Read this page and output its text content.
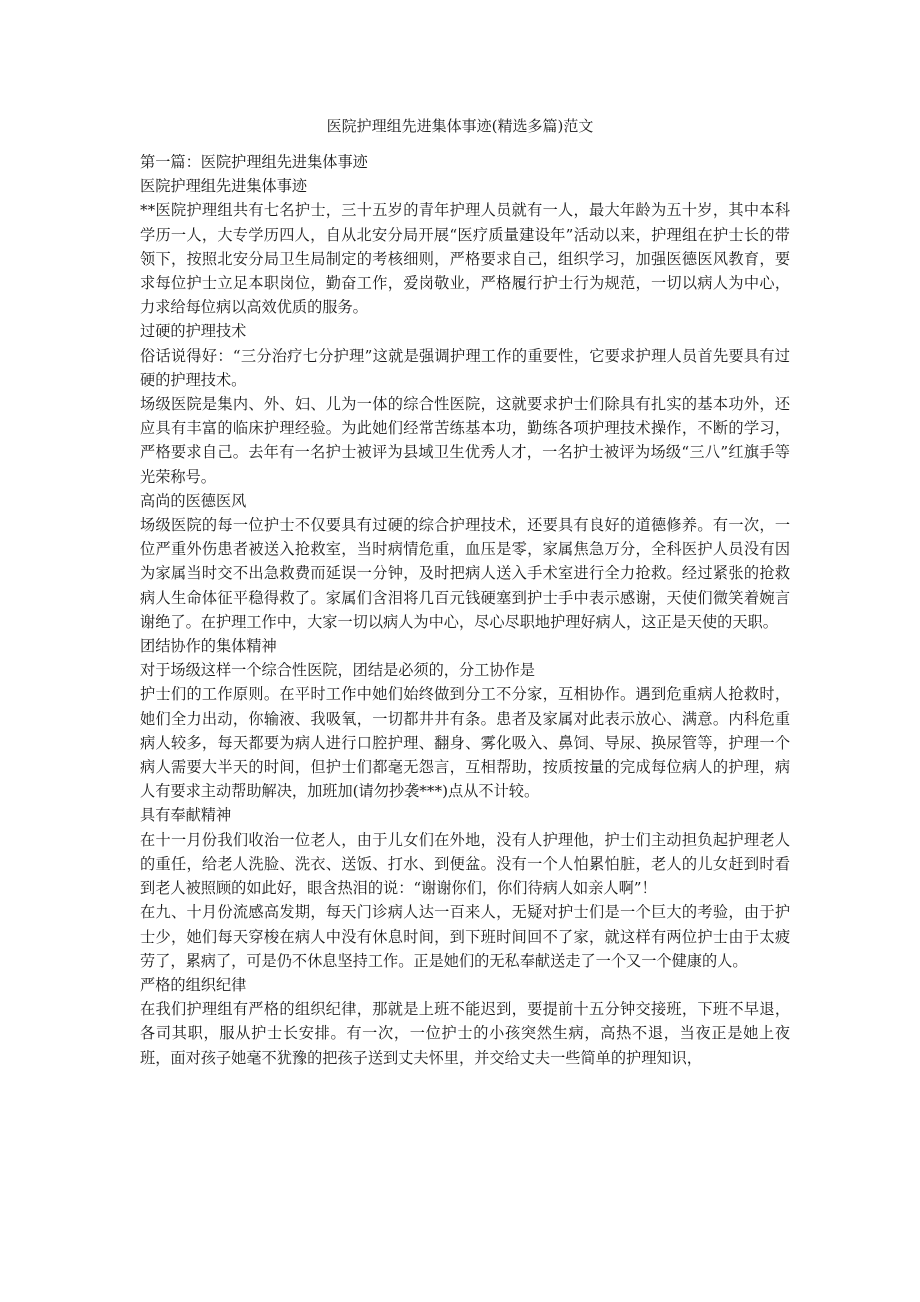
医院护理组先进集体事迹(精选多篇)范文

第一篇：医院护理组先进集体事迹

医院护理组先进集体事迹

**医院护理组共有七名护士，三十五岁的青年护理人员就有一人，最大年龄为五十岁，其中本科学历一人，大专学历四人，自从北安分局开展“医疗质量建设年”活动以来，护理组在护士长的带领下，按照北安分局卫生局制定的考核细则，严格要求自己，组织学习，加强医德医风教育，要求每位护士立足本职岗位，勤奋工作，爱岗敬业，严格履行护士行为规范，一切以病人为中心，力求给每位病以高效优质的服务。

过硬的护理技术

俗话说得好：“三分治疗七分护理”这就是强调护理工作的重要性，它要求护理人员首先要具有过硬的护理技术。

场级医院是集内、外、妇、儿为一体的综合性医院，这就要求护士们除具有扎实的基本功外，还应具有丰富的临床护理经验。为此她们经常苦练基本功，勤练各项护理技术操作，不断的学习，严格要求自己。去年有一名护士被评为县域卫生优秀人才，一名护士被评为场级“三八”红旗手等光荣称号。

高尚的医德医风

场级医院的每一位护士不仅要具有过硬的综合护理技术，还要具有良好的道德修养。有一次，一位严重外伤患者被送入抢救室，当时病情危重，血压是零，家属焦急万分，全科医护人员没有因为家属当时交不出急救费而延误一分钟，及时把病人送入手术室进行全力抢救。经过紧张的抢救病人生命体征平稳得救了。家属们含泪将几百元钱硬塞到护士手中表示感谢，天使们微笑着婉言谢绝了。在护理工作中，大家一切以病人为中心，尽心尽职地护理好病人，这正是天使的天职。

团结协作的集体精神

对于场级这样一个综合性医院，团结是必须的，分工协作是

护士们的工作原则。在平时工作中她们始终做到分工不分家，互相协作。遇到危重病人抢救时，她们全力出动，你输液、我吸氧，一切都井井有条。患者及家属对此表示放心、满意。内科危重病人较多，每天都要为病人进行口腔护理、翻身、雾化吸入、鼻饲、导尿、换尿管等，护理一个病人需要大半天的时间，但护士们都毫无怨言，互相帮助，按质按量的完成每位病人的护理，病人有要求主动帮助解决，加班加(请勿抄袭***)点从不计较。

具有奉献精神

在十一月份我们收治一位老人，由于儿女们在外地，没有人护理他，护士们主动担负起护理老人的重任，给老人洗脸、洗衣、送饭、打水、到便盆。没有一个人怕累怕脏，老人的儿女赶到时看到老人被照顾的如此好，眼含热泪的说：“谢谢你们，你们待病人如亲人啊”！

在九、十月份流感高发期，每天门诊病人达一百来人，无疑对护士们是一个巨大的考验，由于护士少，她们每天穿梭在病人中没有休息时间，到下班时间回不了家，就这样有两位护士由于太疲劳了，累病了，可是仍不休息坚持工作。正是她们的无私奉献送走了一个又一个健康的人。

严格的组织纪律

在我们护理组有严格的组织纪律，那就是上班不能迟到，要提前十五分钟交接班，下班不早退，各司其职，服从护士长安排。有一次，一位护士的小孩突然生病，高热不退，当夜正是她上夜班，面对孩子她毫不犹豫的把孩子送到丈夫怀里，并交给丈夫一些简单的护理知识，
